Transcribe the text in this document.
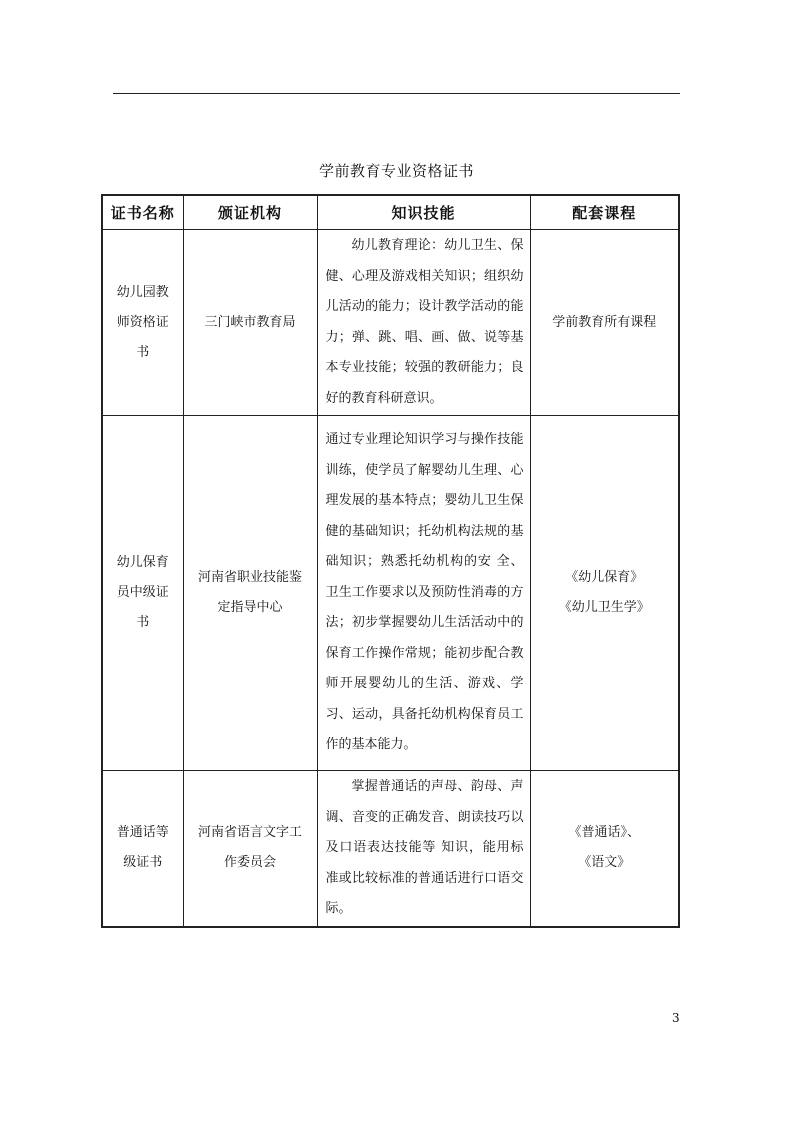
学前教育专业资格证书
证书名称	颁证机构	知识技能	配套课程

幼儿园教师资格证书	三门峡市教育局	幼儿教育理论：幼儿卫生、保健、心理及游戏相关知识；组织幼儿活动的能力；设计教学活动的能力；弹、跳、唱、画、做、说等基本专业技能；较强的教研能力；良好的教育科研意识。	学前教育所有课程

幼儿保育员中级证书	河南省职业技能鉴定指导中心	通过专业理论知识学习与操作技能训练，使学员了解婴幼儿生理、心理发展的基本特点；婴幼儿卫生保健的基础知识；托幼机构法规的基础知识；熟悉托幼机构的安 全、卫生工作要求以及预防性消毒的方 法；初步掌握婴幼儿生活活动中的保育工作操作常规；能初步配合教师开展婴幼儿的生活、游戏、学习、运动，具备托幼机构保育员工作的基本能力。	《幼儿保育》
《幼儿卫生学》

普通话等级证书	河南省语言文字工作委员会	掌握普通话的声母、韵母、声调、音变的正确发音、朗读技巧以及口语表达技能等 知识，能用标准或比较标准的普通话进行口语交际。	《普通话》、
《语文》
3
